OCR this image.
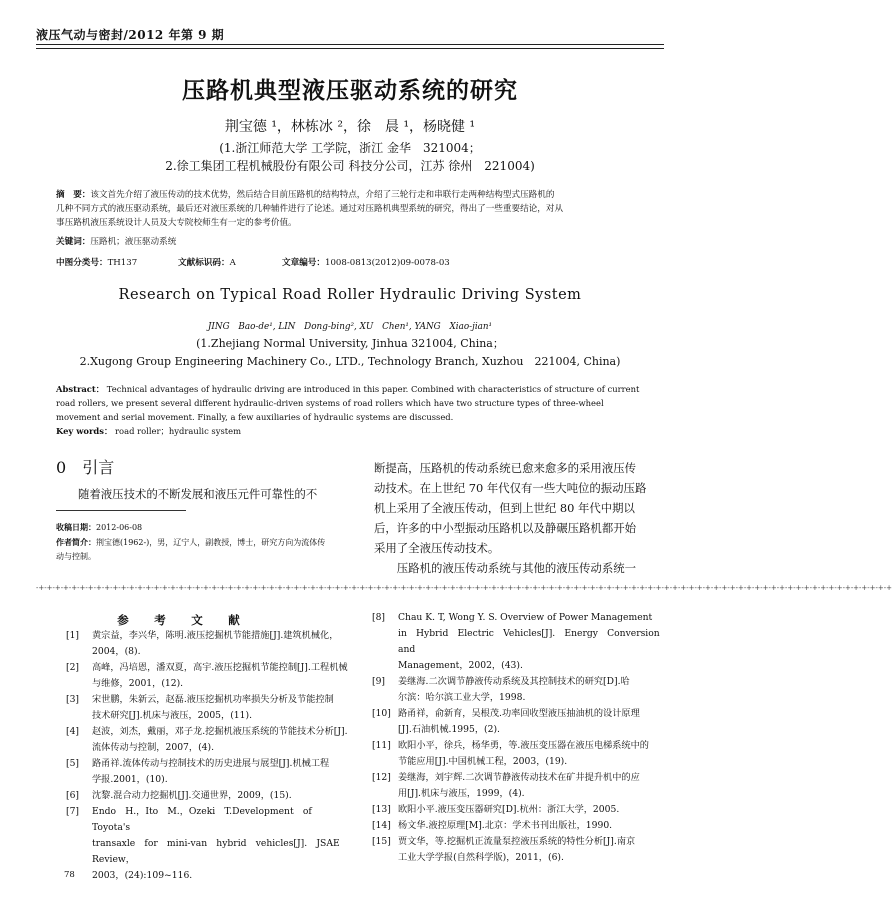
液压气动与密封/2012 年第 9 期
压路机典型液压驱动系统的研究
荆宝德 ¹，林栋冰 ²，徐　晨 ¹，杨晓健 ¹
(1.浙江师范大学 工学院，浙江 金华　321004；
2.徐工集团工程机械股份有限公司 科技分公司，江苏 徐州　221004)
摘　要：该文首先介绍了液压传动的技术优势，然后结合目前压路机的结构特点，介绍了三轮行走和串联行走两种结构型式压路机的
几种不同方式的液压驱动系统，最后还对液压系统的几种辅件进行了论述。通过对压路机典型系统的研究，得出了一些重要结论，对从
事压路机液压系统设计人员及大专院校师生有一定的参考价值。
关键词：压路机；液压驱动系统
中图分类号：TH137	文献标识码：A	文章编号：1008-0813(2012)09-0078-03
Research on Typical Road Roller Hydraulic Driving System
JING　Bao-de¹, LIN　Dong-bing², XU　Chen¹, YANG　Xiao-jian¹
(1.Zhejiang Normal University, Jinhua 321004, China；
2.Xugong Group Engineering Machinery Co., LTD., Technology Branch, Xuzhou　221004, China)
Abstract： Technical advantages of hydraulic driving are introduced in this paper. Combined with characteristics of structure of current
road rollers, we present several different hydraulic-driven systems of road rollers which have two structure types of three-wheel
movement and serial movement. Finally, a few auxiliaries of hydraulic systems are discussed.
Key words： road roller；hydraulic system
0　 引言
随着液压技术的不断发展和液压元件可靠性的不
收稿日期：2012-06-08
作者简介：荆宝德(1962-)，男，辽宁人，副教授，博士，研究方向为流体传
动与控制。
断提高，压路机的传动系统已愈来愈多的采用液压传
动技术。在上世纪 70 年代仅有一些大吨位的振动压路
机上采用了全液压传动，但到上世纪 80 年代中期以
后，许多的中小型振动压路机以及静碾压路机都开始
采用了全液压传动技术。
　　压路机的液压传动系统与其他的液压传动系统一
-+-+-+-+-+-+-+-+-+-+-+-+-+-+-+-+-+-+-+-+-+-+-+-+-+-+-+-+-+-+-+-+-+-+-+-+-+-+-+-+-+-+-+-+-+-+-+-+-+-+-+-+-+-+-+-+-+-+-+-+-+-+-+-+-+-+-+-+-+-+-+-+-+-+-+-+-+-+-+-+-+-+-+-+-+-+-+-+-+-+-+-+-+-+-+-+-+-+-+-+-+-+-+-+
参　考　文　献
[1] 黄宗益，李兴华，陈明.液压挖掘机节能措施[J].建筑机械化，
2004，(8).
[2] 高峰，冯培恩，潘双夏，高宇.液压挖掘机节能控制[J].工程机械
与维修，2001，(12).
[3] 宋世鹏，朱新云，赵磊.液压挖掘机功率损失分析及节能控制
技术研究[J].机床与液压，2005，(11).
[4] 赵波，刘杰，戴丽，邓子龙.挖掘机液压系统的节能技术分析[J].
流体传动与控制，2007，(4).
[5] 路甬祥.流体传动与控制技术的历史进展与展望[J].机械工程
学报.2001，(10).
[6] 沈黎.混合动力挖掘机[J].交通世界，2009，(15).
[7] Endo　H.，Ito　M.，Ozeki　T.Development　of　Toyota's
transaxle　for　mini-van　hybrid　vehicles[J].　JSAE　Review，
2003，(24):109~116.
[8] Chau K. T, Wong Y. S. Overview of Power Management
in　Hybrid　Electric　Vehicles[J].　Energy　Conversion　and
Management，2002，(43).
[9] 姜继海.二次调节静液传动系统及其控制技术的研究[D].哈
尔滨：哈尔滨工业大学，1998.
[10] 路甬祥，俞新育，吴根茂.功率回收型液压抽油机的设计原理
[J].石油机械.1995，(2).
[11] 欧阳小平，徐兵，杨华勇，等.液压变压器在液压电梯系统中的
节能应用[J].中国机械工程，2003，(19).
[12] 姜继海，刘宇辉.二次调节静液传动技术在矿井提升机中的应
用[J].机床与液压，1999，(4).
[13] 欧阳小平.液压变压器研究[D].杭州：浙江大学，2005.
[14] 杨文华.液控原理[M].北京：学术书刊出版社，1990.
[15] 贾文华，等.挖掘机正流量泵控液压系统的特性分析[J].南京
工业大学学报(自然科学版)，2011，(6).
78
